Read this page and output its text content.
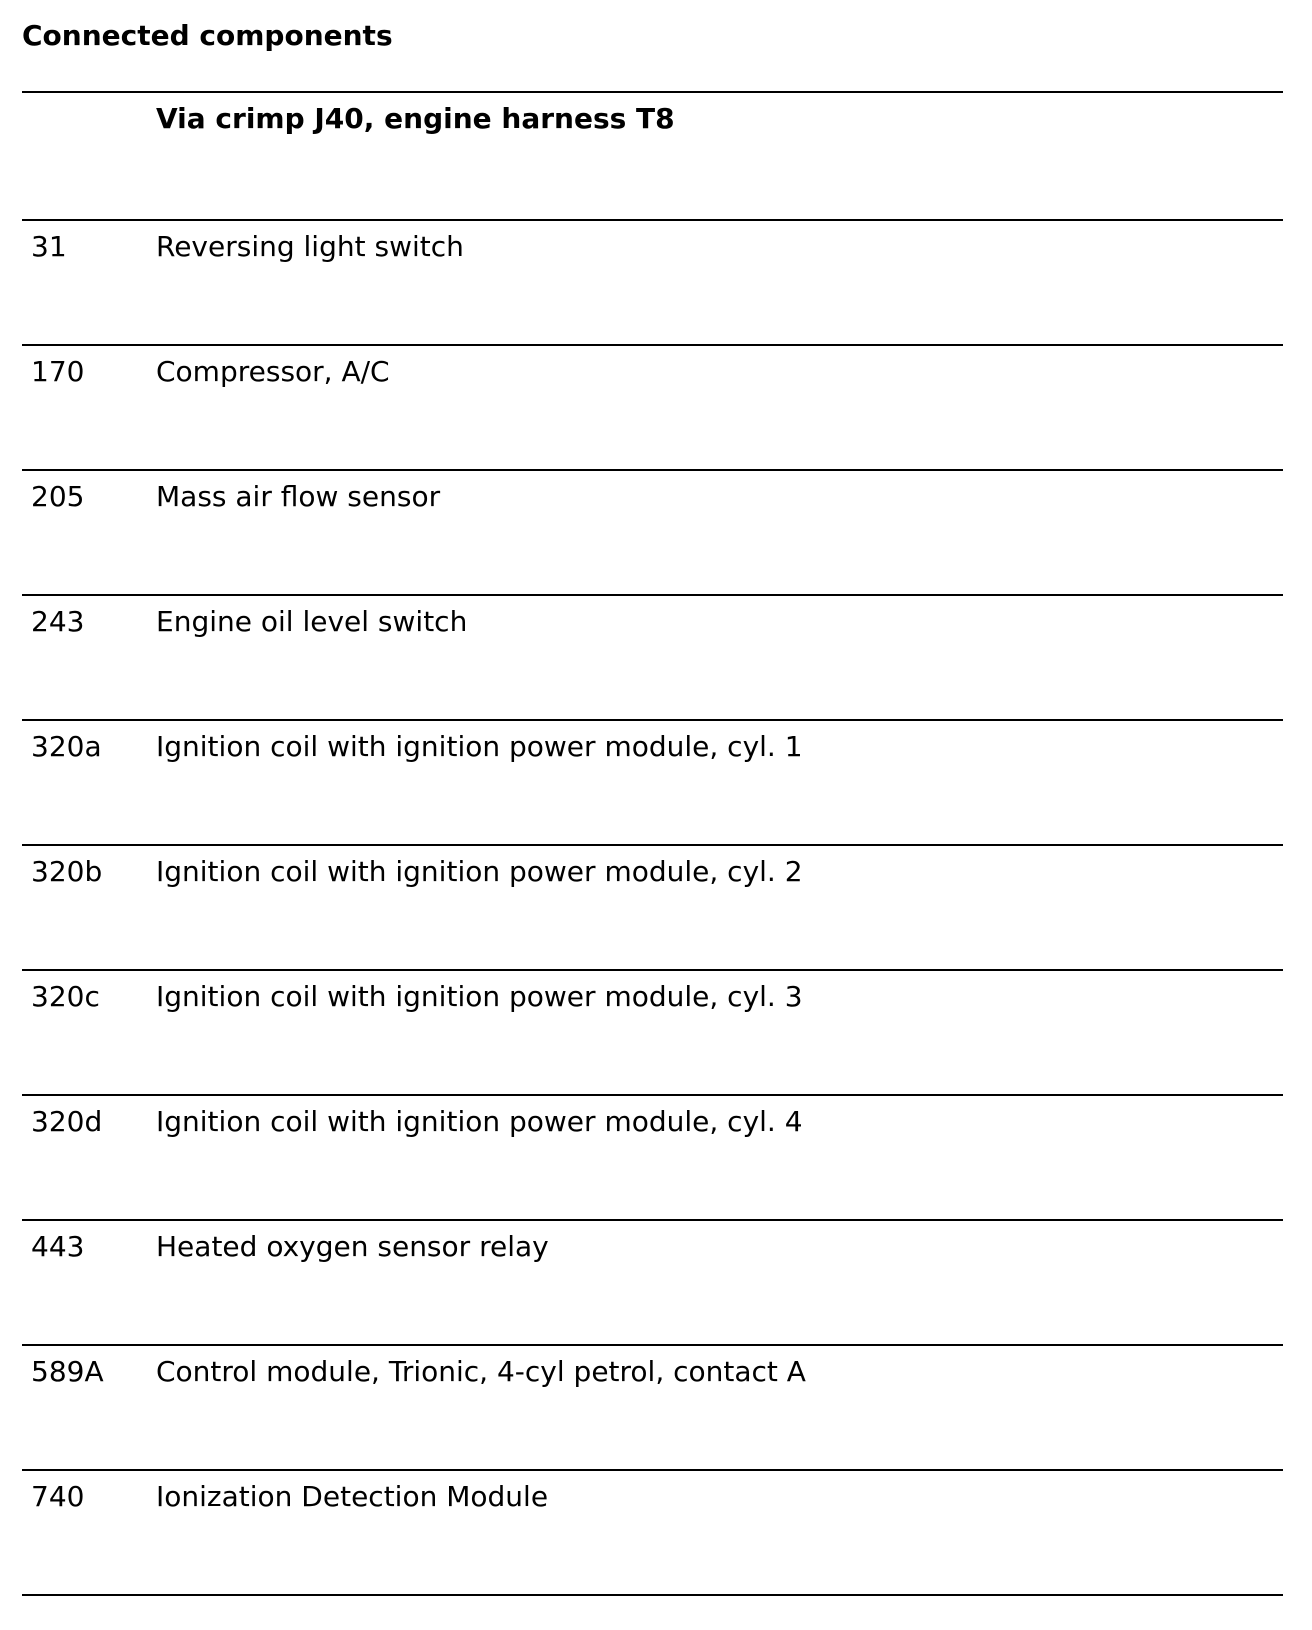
Connected components
Via crimp J40, engine harness T8
31	Reversing light switch
170	Compressor, A/C
205	Mass air flow sensor
243	Engine oil level switch
320a Ignition coil with ignition power module, cyl. 1
320b Ignition coil with ignition power module, cyl. 2
320c Ignition coil with ignition power module, cyl. 3
320d Ignition coil with ignition power module, cyl. 4
443	Heated oxygen sensor relay
589A Control module, Trionic, 4-cyl petrol, contact A
740	Ionization Detection Module
